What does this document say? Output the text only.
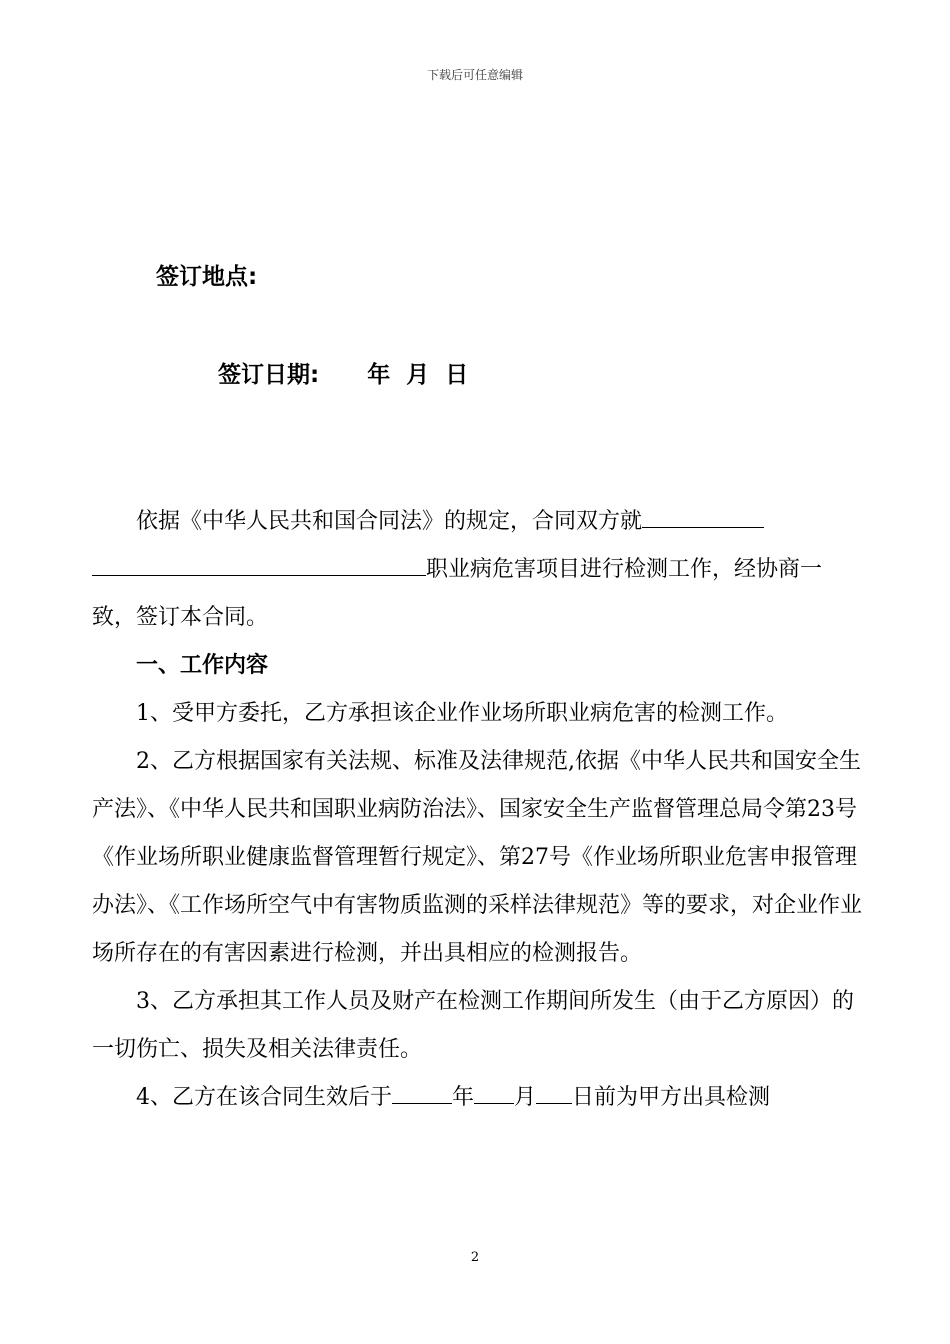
下载后可任意编辑
签订地点:
签订日期: 年 月 日

依据《中华人民共和国合同法》的规定，合同双方就职业病危害项目进行检测工作，经协商一致，签订本合同。

一、工作内容

1、受甲方委托，乙方承担该企业作业场所职业病危害的检测工作。

2、乙方根据国家有关法规、标准及法律规范,依据《中华人民共和国安全生产法》、《中华人民共和国职业病防治法》、国家安全生产监督管理总局令第23号《作业场所职业健康监督管理暂行规定》、第27号《作业场所职业危害申报管理办法》、《工作场所空气中有害物质监测的采样法律规范》等的要求，对企业作业场所存在的有害因素进行检测，并出具相应的检测报告。

3、乙方承担其工作人员及财产在检测工作期间所发生（由于乙方原因）的一切伤亡、损失及相关法律责任。

4、乙方在该合同生效后于	年 月 日前为甲方出具检测

2
